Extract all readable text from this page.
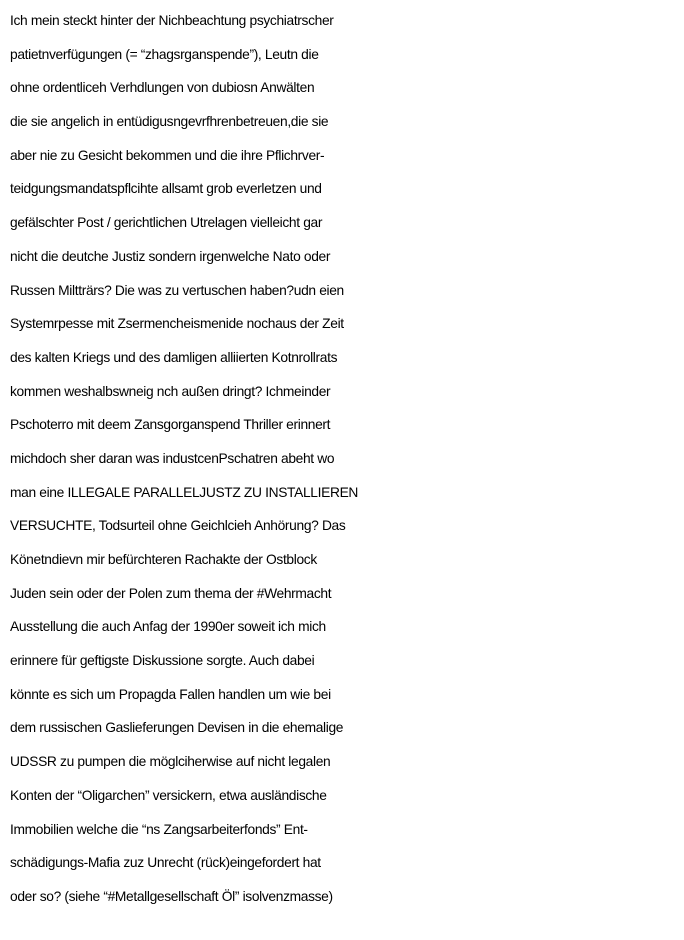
Ich mein steckt hinter der Nichbeachtung psychiatrscher
patietnverfügungen (= “zhagsrganspende”), Leutn die
ohne ordentliceh Verhdlungen von dubiosn Anwälten
die sie angelich in entüdigusngevrfhrenbetreuen,die sie
aber nie zu Gesicht bekommen und die ihre Pflichrver-
teidgungsmandatspflcihte allsamt grob everletzen und
gefälschter Post / gerichtlichen Utrelagen vielleicht gar
nicht die deutche Justiz sondern irgenwelche Nato oder
Russen Miltträrs? Die was zu vertuschen haben?udn eien
Systemrpesse mit Zsermencheismenide nochaus der Zeit
des kalten Kriegs und des damligen alliierten Kotnrollrats
kommen weshalbswneig nch außen dringt? Ichmeinder
Pschoterro mit deem Zansgorganspend Thriller erinnert
michdoch sher daran was industcenPschatren abeht wo
man eine ILLEGALE PARALLELJUSTZ ZU INSTALLIEREN
VERSUCHTE, Todsurteil ohne Geichlcieh Anhörung? Das
Könetndievn mir befürchteren Rachakte der Ostblock
Juden sein oder der Polen zum thema der #Wehrmacht
Ausstellung die auch Anfag der 1990er soweit ich mich
erinnere für geftigste Diskussione sorgte. Auch dabei
könnte es sich um Propagda Fallen handlen um wie bei
dem russischen Gaslieferungen Devisen in die ehemalige
UDSSR zu pumpen die möglciherwise auf nicht legalen
Konten der “Oligarchen” versickern, etwa ausländische
Immobilien welche die “ns Zangsarbeiterfonds” Ent-
schädigungs-Mafia zuz Unrecht (rück)eingefordert hat
oder so? (siehe “#Metallgesellschaft Öl” isolvenzmasse)
